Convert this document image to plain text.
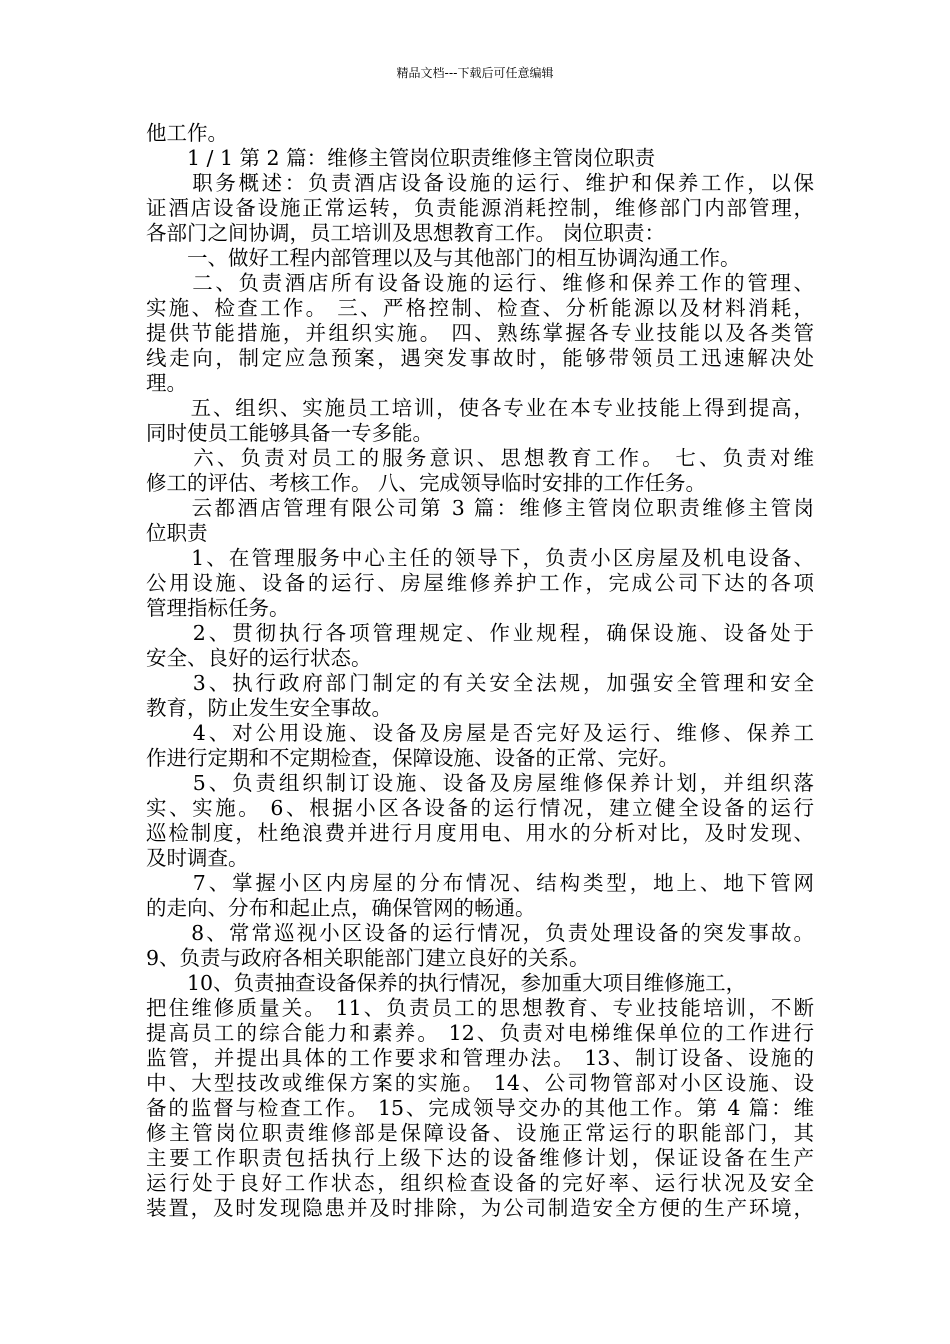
精品文档---下载后可任意编辑
他工作。
　　1 / 1 第 2 篇：维修主管岗位职责维修主管岗位职责
　　职务概述：负责酒店设备设施的运行、维护和保养工作，以保
证酒店设备设施正常运转，负责能源消耗控制，维修部门内部管理，
各部门之间协调，员工培训及思想教育工作。 岗位职责：
　　一、做好工程内部管理以及与其他部门的相互协调沟通工作。
　　二、负责酒店所有设备设施的运行、维修和保养工作的管理、
实施、检查工作。 三、严格控制、检查、分析能源以及材料消耗，
提供节能措施，并组织实施。 四、熟练掌握各专业技能以及各类管
线走向，制定应急预案，遇突发事故时，能够带领员工迅速解决处
理。
　　五、组织、实施员工培训，使各专业在本专业技能上得到提高，
同时使员工能够具备一专多能。
　　六、负责对员工的服务意识、思想教育工作。 七、负责对维
修工的评估、考核工作。 八、完成领导临时安排的工作任务。
　　云都酒店管理有限公司第 3 篇：维修主管岗位职责维修主管岗
位职责
　　1、在管理服务中心主任的领导下，负责小区房屋及机电设备、
公用设施、设备的运行、房屋维修养护工作，完成公司下达的各项
管理指标任务。
　　2、贯彻执行各项管理规定、作业规程，确保设施、设备处于
安全、良好的运行状态。
　　3、执行政府部门制定的有关安全法规，加强安全管理和安全
教育，防止发生安全事故。
　　4、对公用设施、设备及房屋是否完好及运行、维修、保养工
作进行定期和不定期检查，保障设施、设备的正常、完好。
　　5、负责组织制订设施、设备及房屋维修保养计划，并组织落
实、实施。 6、根据小区各设备的运行情况，建立健全设备的运行
巡检制度，杜绝浪费并进行月度用电、用水的分析对比，及时发现、
及时调查。
　　7、掌握小区内房屋的分布情况、结构类型，地上、地下管网
的走向、分布和起止点，确保管网的畅通。
　　8、常常巡视小区设备的运行情况，负责处理设备的突发事故。
9、负责与政府各相关职能部门建立良好的关系。
　　10、负责抽查设备保养的执行情况，参加重大项目维修施工，
把住维修质量关。 11、负责员工的思想教育、专业技能培训，不断
提高员工的综合能力和素养。 12、负责对电梯维保单位的工作进行
监管，并提出具体的工作要求和管理办法。 13、制订设备、设施的
中、大型技改或维保方案的实施。 14、公司物管部对小区设施、设
备的监督与检查工作。 15、完成领导交办的其他工作。第 4 篇：维
修主管岗位职责维修部是保障设备、设施正常运行的职能部门，其
主要工作职责包括执行上级下达的设备维修计划，保证设备在生产
运行处于良好工作状态，组织检查设备的完好率、运行状况及安全
装置，及时发现隐患并及时排除，为公司制造安全方便的生产环境，
